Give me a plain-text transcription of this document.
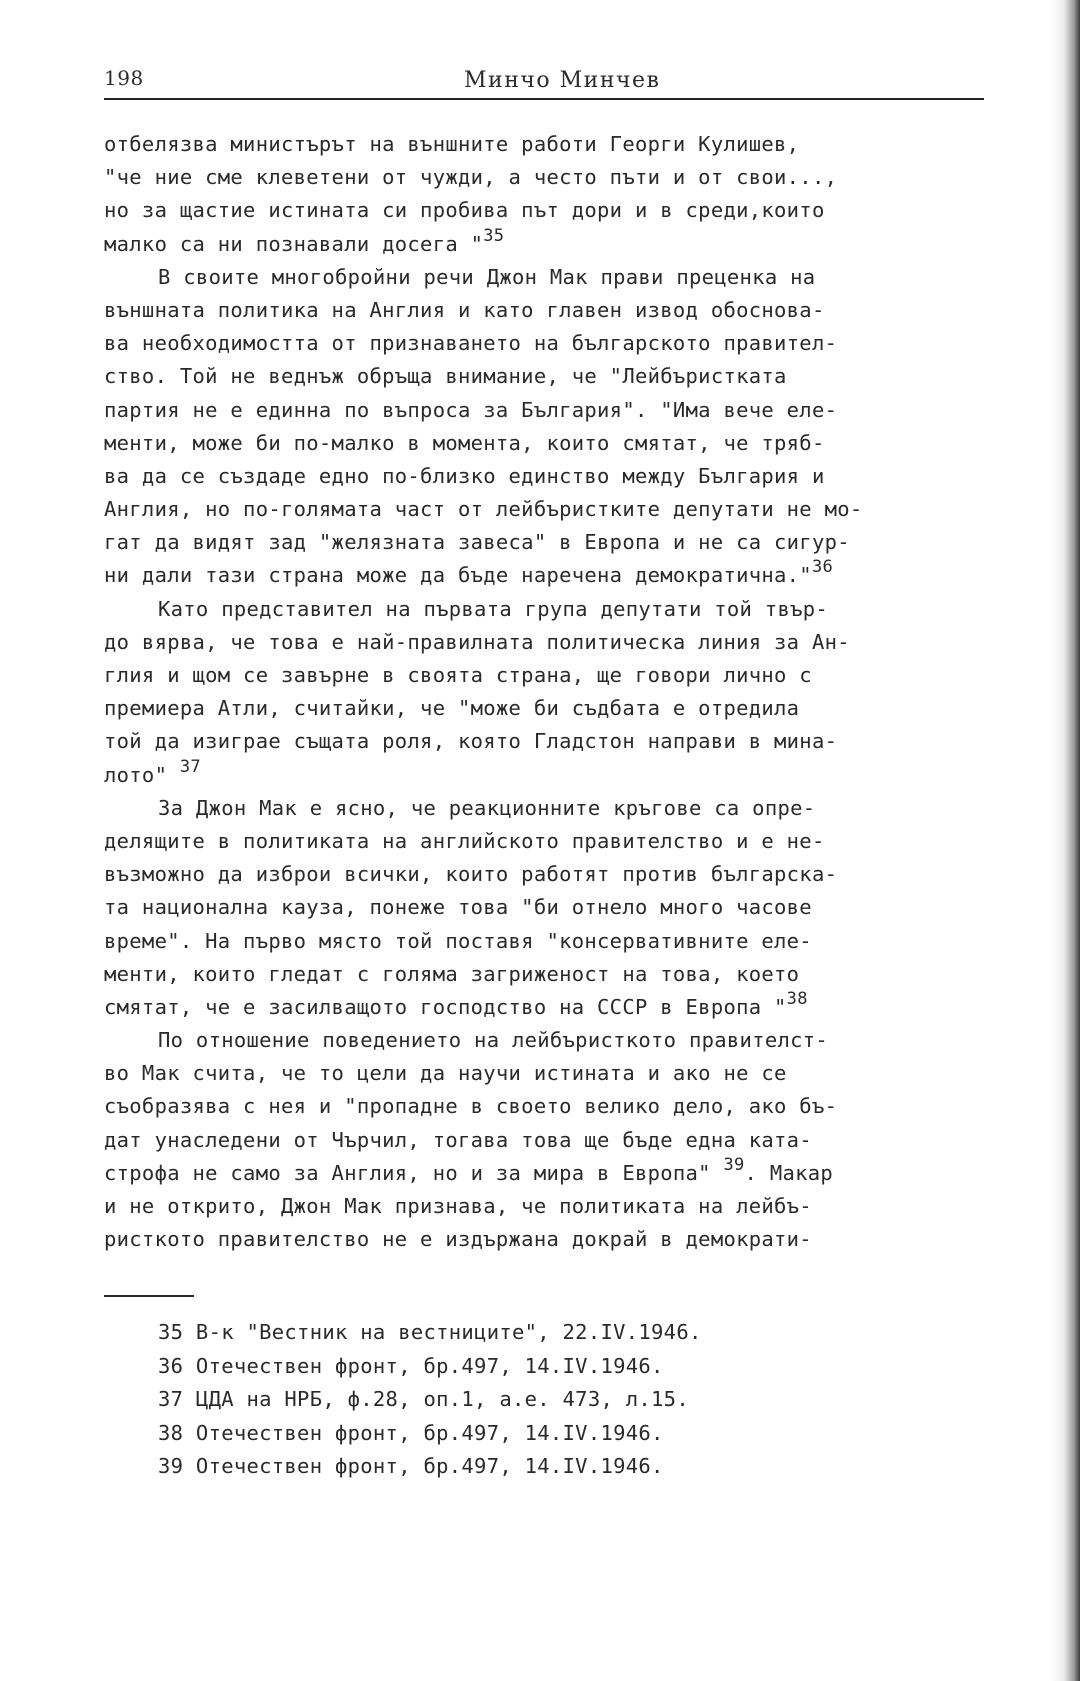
198	Минчо Минчев
отбелязва министърът на външните работи Георги Кулишев,
"че ние сме клеветени от чужди, а често пъти и от свои...,
но за щастие истината си пробива път дори и в среди,които
малко са ни познавали досега "$^{35}$
В своите многобройни речи Джон Мак прави преценка на
външната политика на Англия и като главен извод обоснова-
ва необходимостта от признаването на българското правител-
ство. Той не веднъж обръща внимание, че "Лейбъристката
партия не е единна по въпроса за България". "Има вече еле-
менти, може би по-малко в момента, които смятат, че тряб-
ва да се създаде едно по-близко единство между България и
Англия, но по-голямата част от лейбъристките депутати не мо-
гат да видят зад "желязната завеса" в Европа и не са сигур-
ни дали тази страна може да бъде наречена демократична."$^{36}$
Като представител на първата група депутати той твър-
до вярва, че това е най-правилната политическа линия за Ан-
глия и щом се завърне в своята страна, ще говори лично с
премиера Атли, считайки, че "може би съдбата е отредила
той да изиграе същата роля, която Гладстон направи в мина-
лото" $^{37}$
За Джон Мак е ясно, че реакционните кръгове са опре-
делящите в политиката на английското правителство и е не-
възможно да изброи всички, които работят против българска-
та национална кауза, понеже това "би отнело много часове
време". На първо място той поставя "консервативните еле-
менти, които гледат с голяма загриженост на това, което
смятат, че е засилващото господство на СССР в Европа "$^{38}$
По отношение поведението на лейбъристкото правителст-
во Мак счита, че то цели да научи истината и ако не се
съобразява с нея и "пропадне в своето велико дело, ако бъ-
дат унаследени от Чърчил, тогава това ще бъде една ката-
строфа не само за Англия, но и за мира в Европа" $^{39}$. Макар
и не открито, Джон Мак признава, че политиката на лейбъ-
ристкото правителство не е издържана докрай в демократи-
35 В-к "Вестник на вестниците", 22.IV.1946.
36 Отечествен фронт, бр.497, 14.IV.1946.
37 ЦДА на НРБ, ф.28, оп.1, а.е. 473, л.15.
38 Отечествен фронт, бр.497, 14.IV.1946.
39 Отечествен фронт, бр.497, 14.IV.1946.
